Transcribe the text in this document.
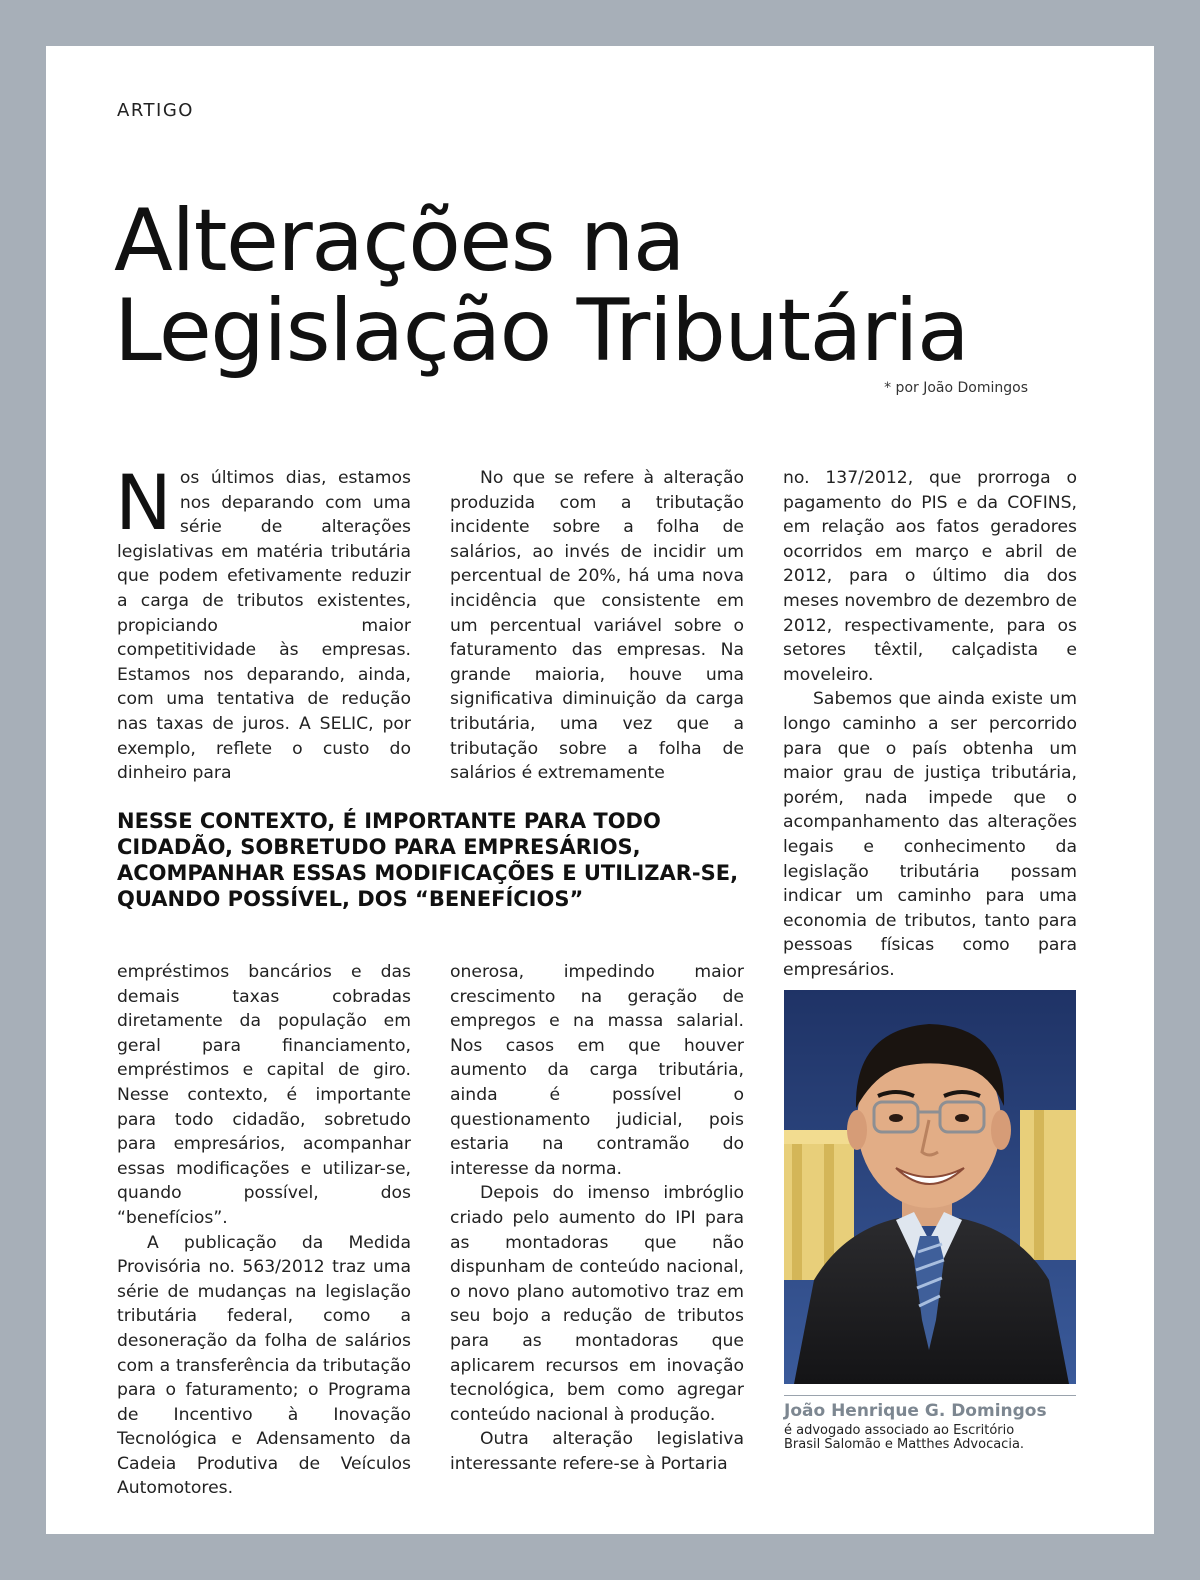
ARTIGO
Alterações na
Legislação Tributária
* por João Domingos

Nos últimos dias, estamos nos deparando com uma série de alterações legislativas em matéria tributária que podem efetivamente reduzir a carga de tributos existentes, propiciando maior competitividade às empresas. Estamos nos deparando, ainda, com uma tentativa de redução nas taxas de juros. A SELIC, por exemplo, reflete o custo do dinheiro para

No que se refere à alteração produzida com a tributação incidente sobre a folha de salários, ao invés de incidir um percentual de 20%, há uma nova incidência que consistente em um percentual variável sobre o faturamento das empresas. Na grande maioria, houve uma significativa diminuição da carga tributária, uma vez que a tributação sobre a folha de salários é extremamente

no. 137/2012, que prorroga o pagamento do PIS e da COFINS, em relação aos fatos geradores ocorridos em março e abril de 2012, para o último dia dos meses novembro de dezembro de 2012, respectivamente, para os setores têxtil, calçadista e moveleiro.

Sabemos que ainda existe um longo caminho a ser percorrido para que o país obtenha um maior grau de justiça tributária, porém, nada impede que o acompanhamento das alterações legais e conhecimento da legislação tributária possam indicar um caminho para uma economia de tributos, tanto para pessoas físicas como para empresários.

NESSE CONTEXTO, É IMPORTANTE PARA TODO CIDADÃO, SOBRETUDO PARA EMPRESÁRIOS, ACOMPANHAR ESSAS MODIFICAÇÕES E UTILIZAR-SE, QUANDO POSSÍVEL, DOS “BENEFÍCIOS”

empréstimos bancários e das demais taxas cobradas diretamente da população em geral para financiamento, empréstimos e capital de giro. Nesse contexto, é importante para todo cidadão, sobretudo para empresários, acompanhar essas modificações e utilizar-se, quando possível, dos “benefícios”.

A publicação da Medida Provisória no. 563/2012 traz uma série de mudanças na legislação tributária federal, como a desoneração da folha de salários com a transferência da tributação para o faturamento; o Programa de Incentivo à Inovação Tecnológica e Adensamento da Cadeia Produtiva de Veículos Automotores.

onerosa, impedindo maior crescimento na geração de empregos e na massa salarial. Nos casos em que houver aumento da carga tributária, ainda é possível o questionamento judicial, pois estaria na contramão do interesse da norma.

Depois do imenso imbróglio criado pelo aumento do IPI para as montadoras que não dispunham de conteúdo nacional, o novo plano automotivo traz em seu bojo a redução de tributos para as montadoras que aplicarem recursos em inovação tecnológica, bem como agregar conteúdo nacional à produção.

Outra alteração legislativa interessante refere-se à Portaria

João Henrique G. Domingos
é advogado associado ao Escritório
Brasil Salomão e Matthes Advocacia.
